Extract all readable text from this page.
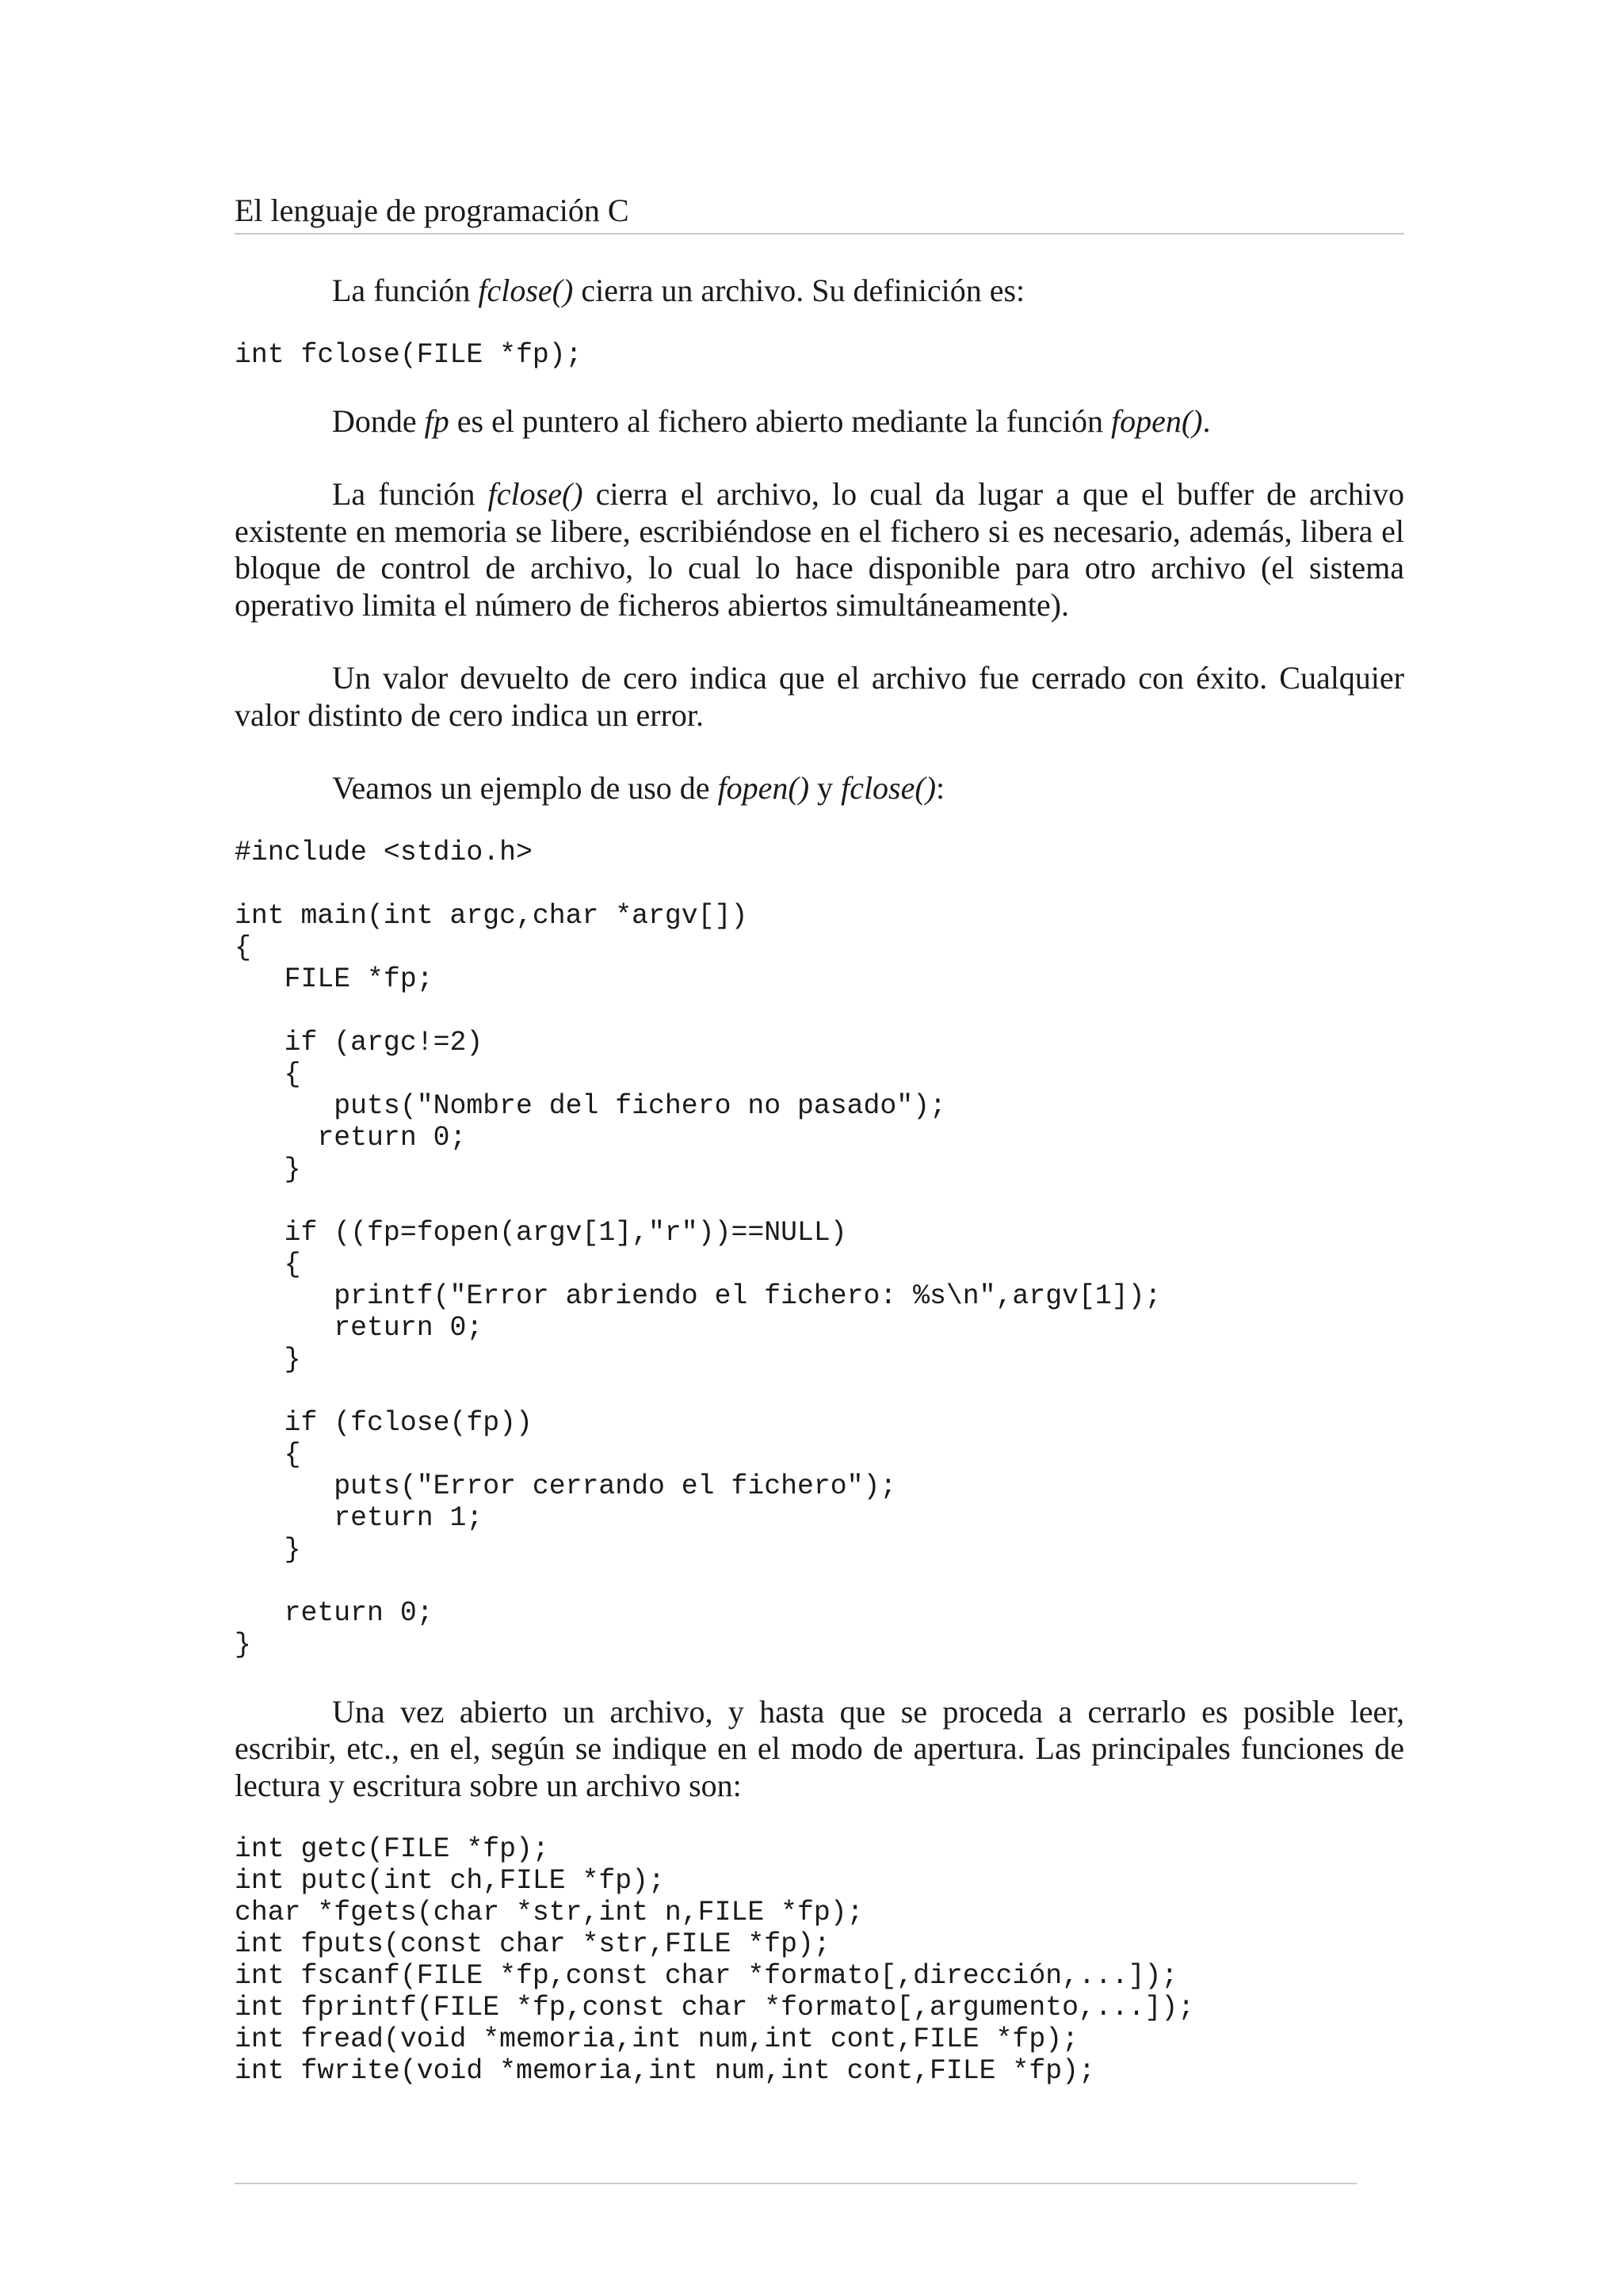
El lenguaje de programación C

La función fclose() cierra un archivo. Su definición es:

int fclose(FILE *fp);

Donde fp es el puntero al fichero abierto mediante la función fopen().

La función fclose() cierra el archivo, lo cual da lugar a que el buffer de archivo existente en memoria se libere, escribiéndose en el fichero si es necesario, además, libera el bloque de control de archivo, lo cual lo hace disponible para otro archivo (el sistema operativo limita el número de ficheros abiertos simultáneamente).

Un valor devuelto de cero indica que el archivo fue cerrado con éxito. Cualquier valor distinto de cero indica un error.

Veamos un ejemplo de uso de fopen() y fclose():

#include <stdio.h>

int main(int argc,char *argv[])
{
FILE *fp;

if (argc!=2)
{
puts("Nombre del fichero no pasado");
return 0;
}

if ((fp=fopen(argv[1],"r"))==NULL)
{
printf("Error abriendo el fichero: %s\n",argv[1]);
return 0;
}

if (fclose(fp))
{
puts("Error cerrando el fichero");
return 1;
}

return 0;
}

Una vez abierto un archivo, y hasta que se proceda a cerrarlo es posible leer, escribir, etc., en el, según se indique en el modo de apertura. Las principales funciones de lectura y escritura sobre un archivo son:

int getc(FILE *fp);
int putc(int ch,FILE *fp);
char *fgets(char *str,int n,FILE *fp);
int fputs(const char *str,FILE *fp);
int fscanf(FILE *fp,const char *formato[,dirección,...]);
int fprintf(FILE *fp,const char *formato[,argumento,...]);
int fread(void *memoria,int num,int cont,FILE *fp);
int fwrite(void *memoria,int num,int cont,FILE *fp);
